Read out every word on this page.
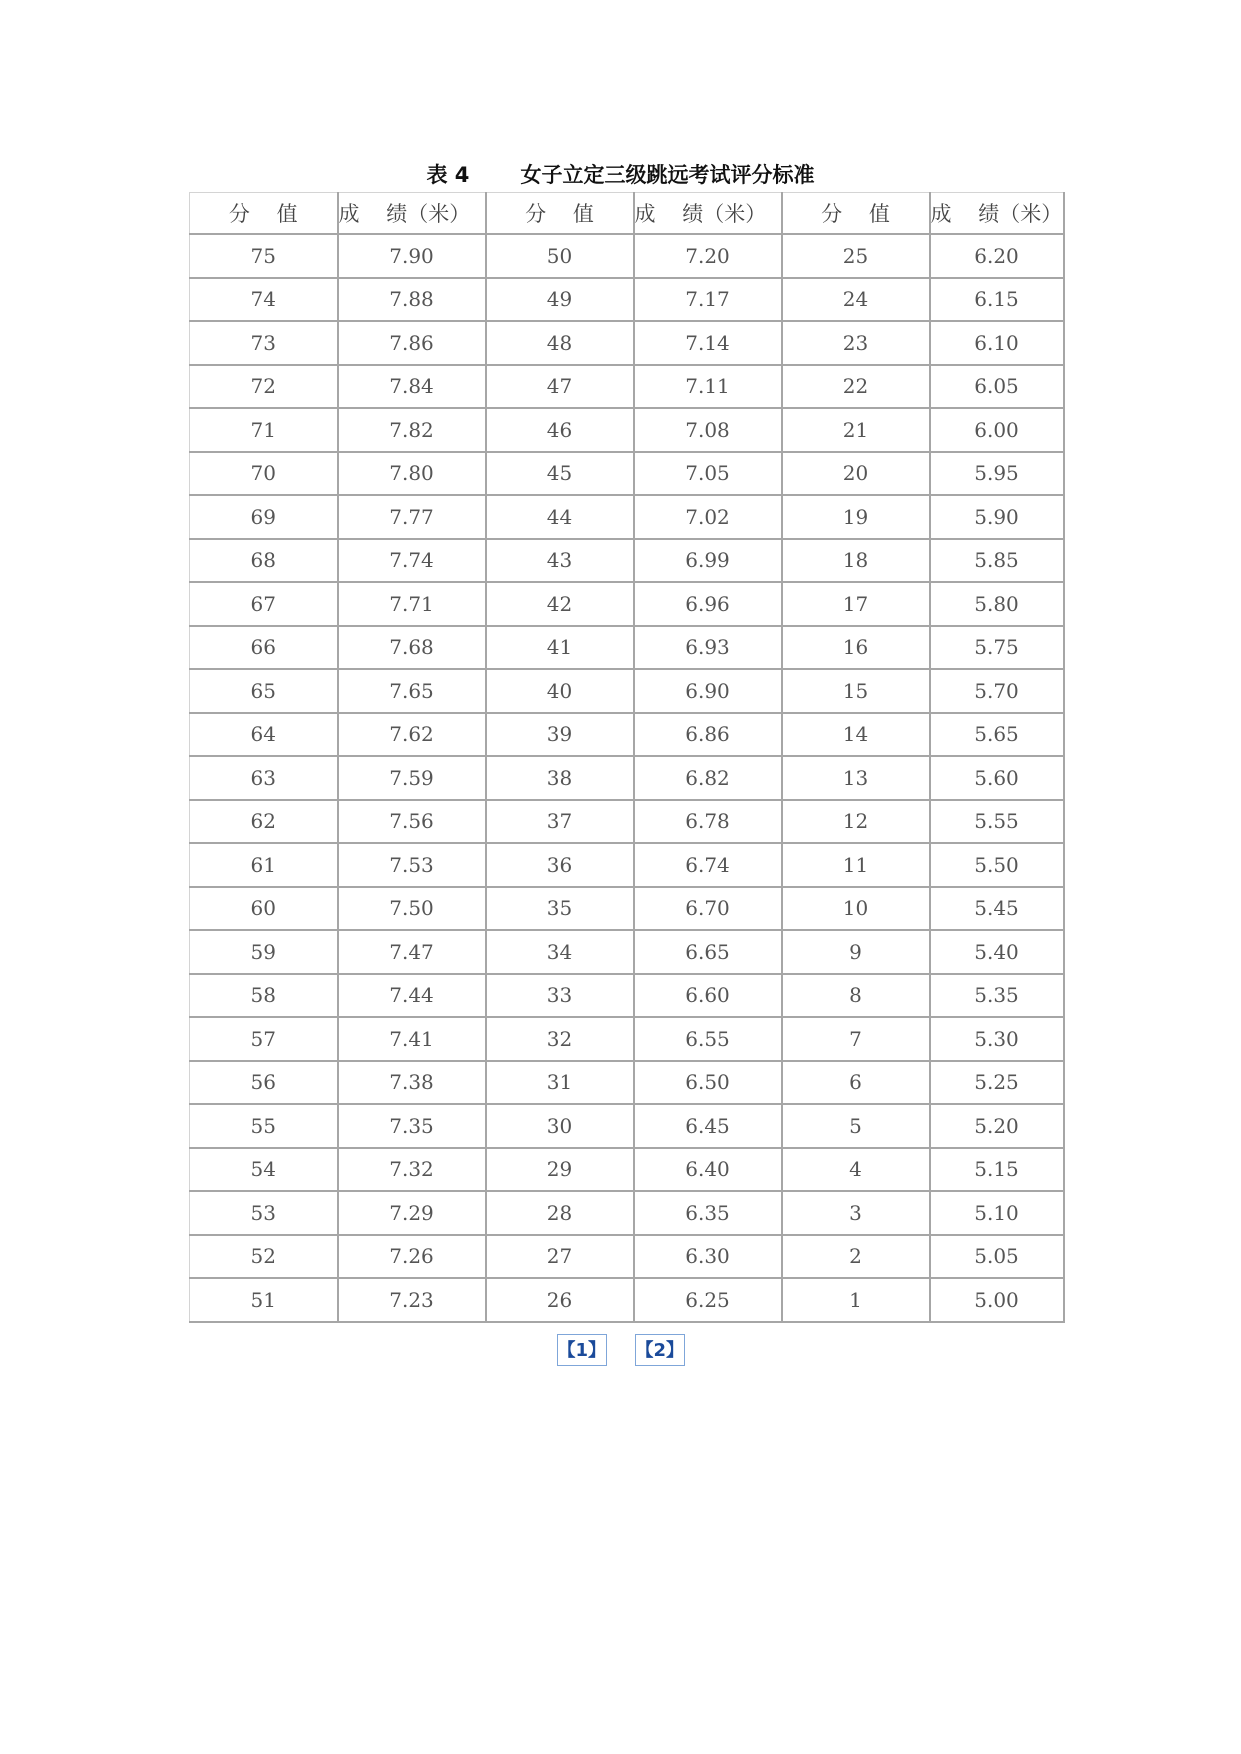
表 4       女子立定三级跳远考试评分标准
分    值	成    绩（米）	分    值	成    绩（米）	分    值	成    绩（米）
75	7.90	50	7.20	25	6.20
74	7.88	49	7.17	24	6.15
73	7.86	48	7.14	23	6.10
72	7.84	47	7.11	22	6.05
71	7.82	46	7.08	21	6.00
70	7.80	45	7.05	20	5.95
69	7.77	44	7.02	19	5.90
68	7.74	43	6.99	18	5.85
67	7.71	42	6.96	17	5.80
66	7.68	41	6.93	16	5.75
65	7.65	40	6.90	15	5.70
64	7.62	39	6.86	14	5.65
63	7.59	38	6.82	13	5.60
62	7.56	37	6.78	12	5.55
61	7.53	36	6.74	11	5.50
60	7.50	35	6.70	10	5.45
59	7.47	34	6.65	9	5.40
58	7.44	33	6.60	8	5.35
57	7.41	32	6.55	7	5.30
56	7.38	31	6.50	6	5.25
55	7.35	30	6.45	5	5.20
54	7.32	29	6.40	4	5.15
53	7.29	28	6.35	3	5.10
52	7.26	27	6.30	2	5.05
51	7.23	26	6.25	1	5.00
【1】 【2】
